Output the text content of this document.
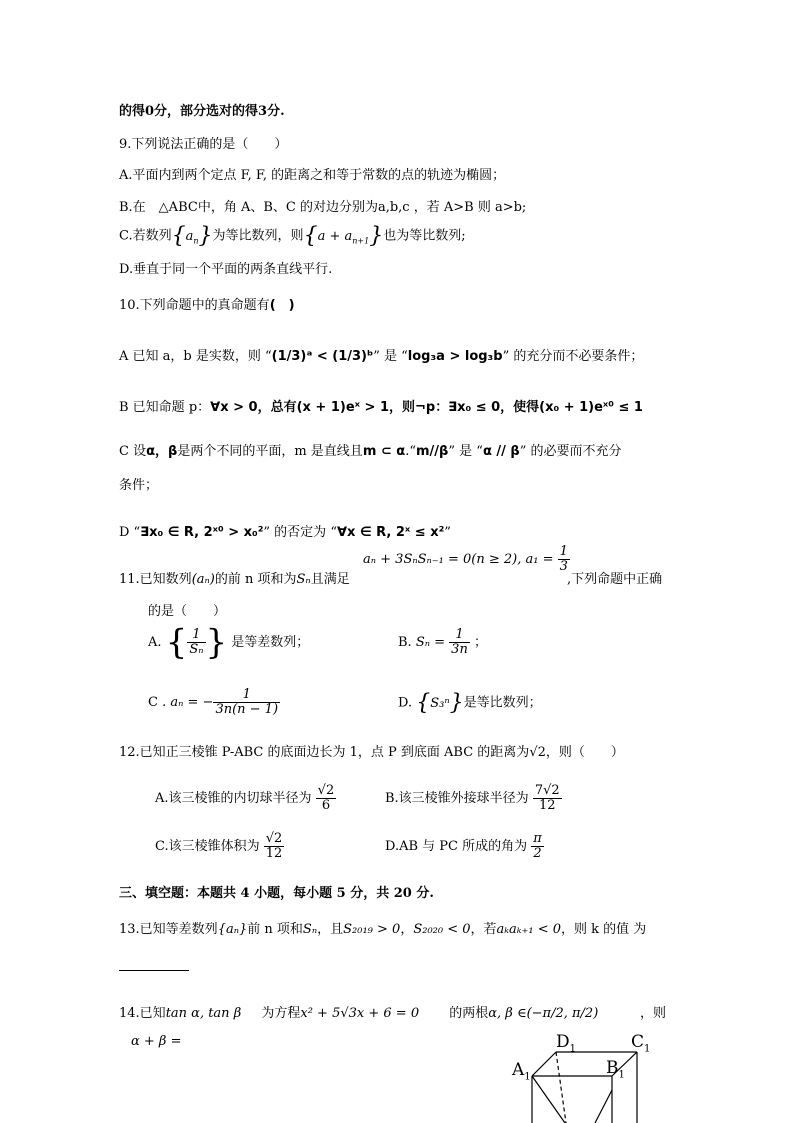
的得0分，部分选对的得3分.
9.下列说法正确的是（　　）
A.平面内到两个定点 F, F, 的距离之和等于常数的点的轨迹为椭圆；
B.在　△ABC中，角 A、B、C 的对边分别为a,b,c ，若 A>B 则 a>b;
C.若数列$\{a_n\}$为等比数列，则$\{a + a_{n+1}\}$也为等比数列;
D.垂直于同一个平面的两条直线平行.
10.下列命题中的真命题有(　)
A 已知 a，b 是实数，则 “(1/3)ᵃ < (1/3)ᵇ” 是 “log₃a > log₃b” 的充分而不必要条件；
B 已知命题 p：∀x > 0，总有(x + 1)eˣ > 1，则¬p：∃x₀ ≤ 0，使得(x₀ + 1)eˣ⁰ ≤ 1
C 设α，β是两个不同的平面，m 是直线且m ⊂ α.“m//β” 是 “α // β” 的必要而不充分
条件；
D “∃x₀ ∈ R, 2ˣ⁰ > x₀²” 的否定为 “∀x ∈ R, 2ˣ ≤ x²”
aₙ + 3SₙSₙ₋₁ = 0(n ≥ 2), $a_1 = \frac{1}{3}$
11.已知数列(aₙ)的前 n 项和为Sₙ且满足	,下列命题中正确
的是（　　）
A. { $\frac{1}{\text{Sₙ}}$ } 是等差数列；	B. $S_n = \frac{1}{3n}$ ；
C . aₙ = − $\frac{1}{3n(n - 1)}$	D. {S₃ⁿ}是等比数列；
12.已知正三棱锥 P-ABC 的底面边长为 1，点 P 到底面 ABC 的距离为√2，则（　　）
A.该三棱锥的内切球半径为 $\frac{√2}{6}$	B.该三棱锥外接球半径为 $\frac{7√2}{12}$
C.该三棱锥体积为 $\frac{√2}{12}$	D.AB 与 PC 所成的角为 $\frac{\pi}{2}$
三、填空题：本题共 4 小题，每小题 5 分，共 20 分.
13.已知等差数列{aₙ}前 n 项和Sₙ，且S₂₀₁₉ > 0，S₂₀₂₀ < 0，若aₖaₖ₊₁ < 0，则 k 的值 为
14.已知tan α, tan β 为方程x² + 5√3x + 6 = 0 的两根α, β ∈(−π/2, π/2)	，则
α + β =
$A_1$	$B_1$
$C_1$
$D_1$
